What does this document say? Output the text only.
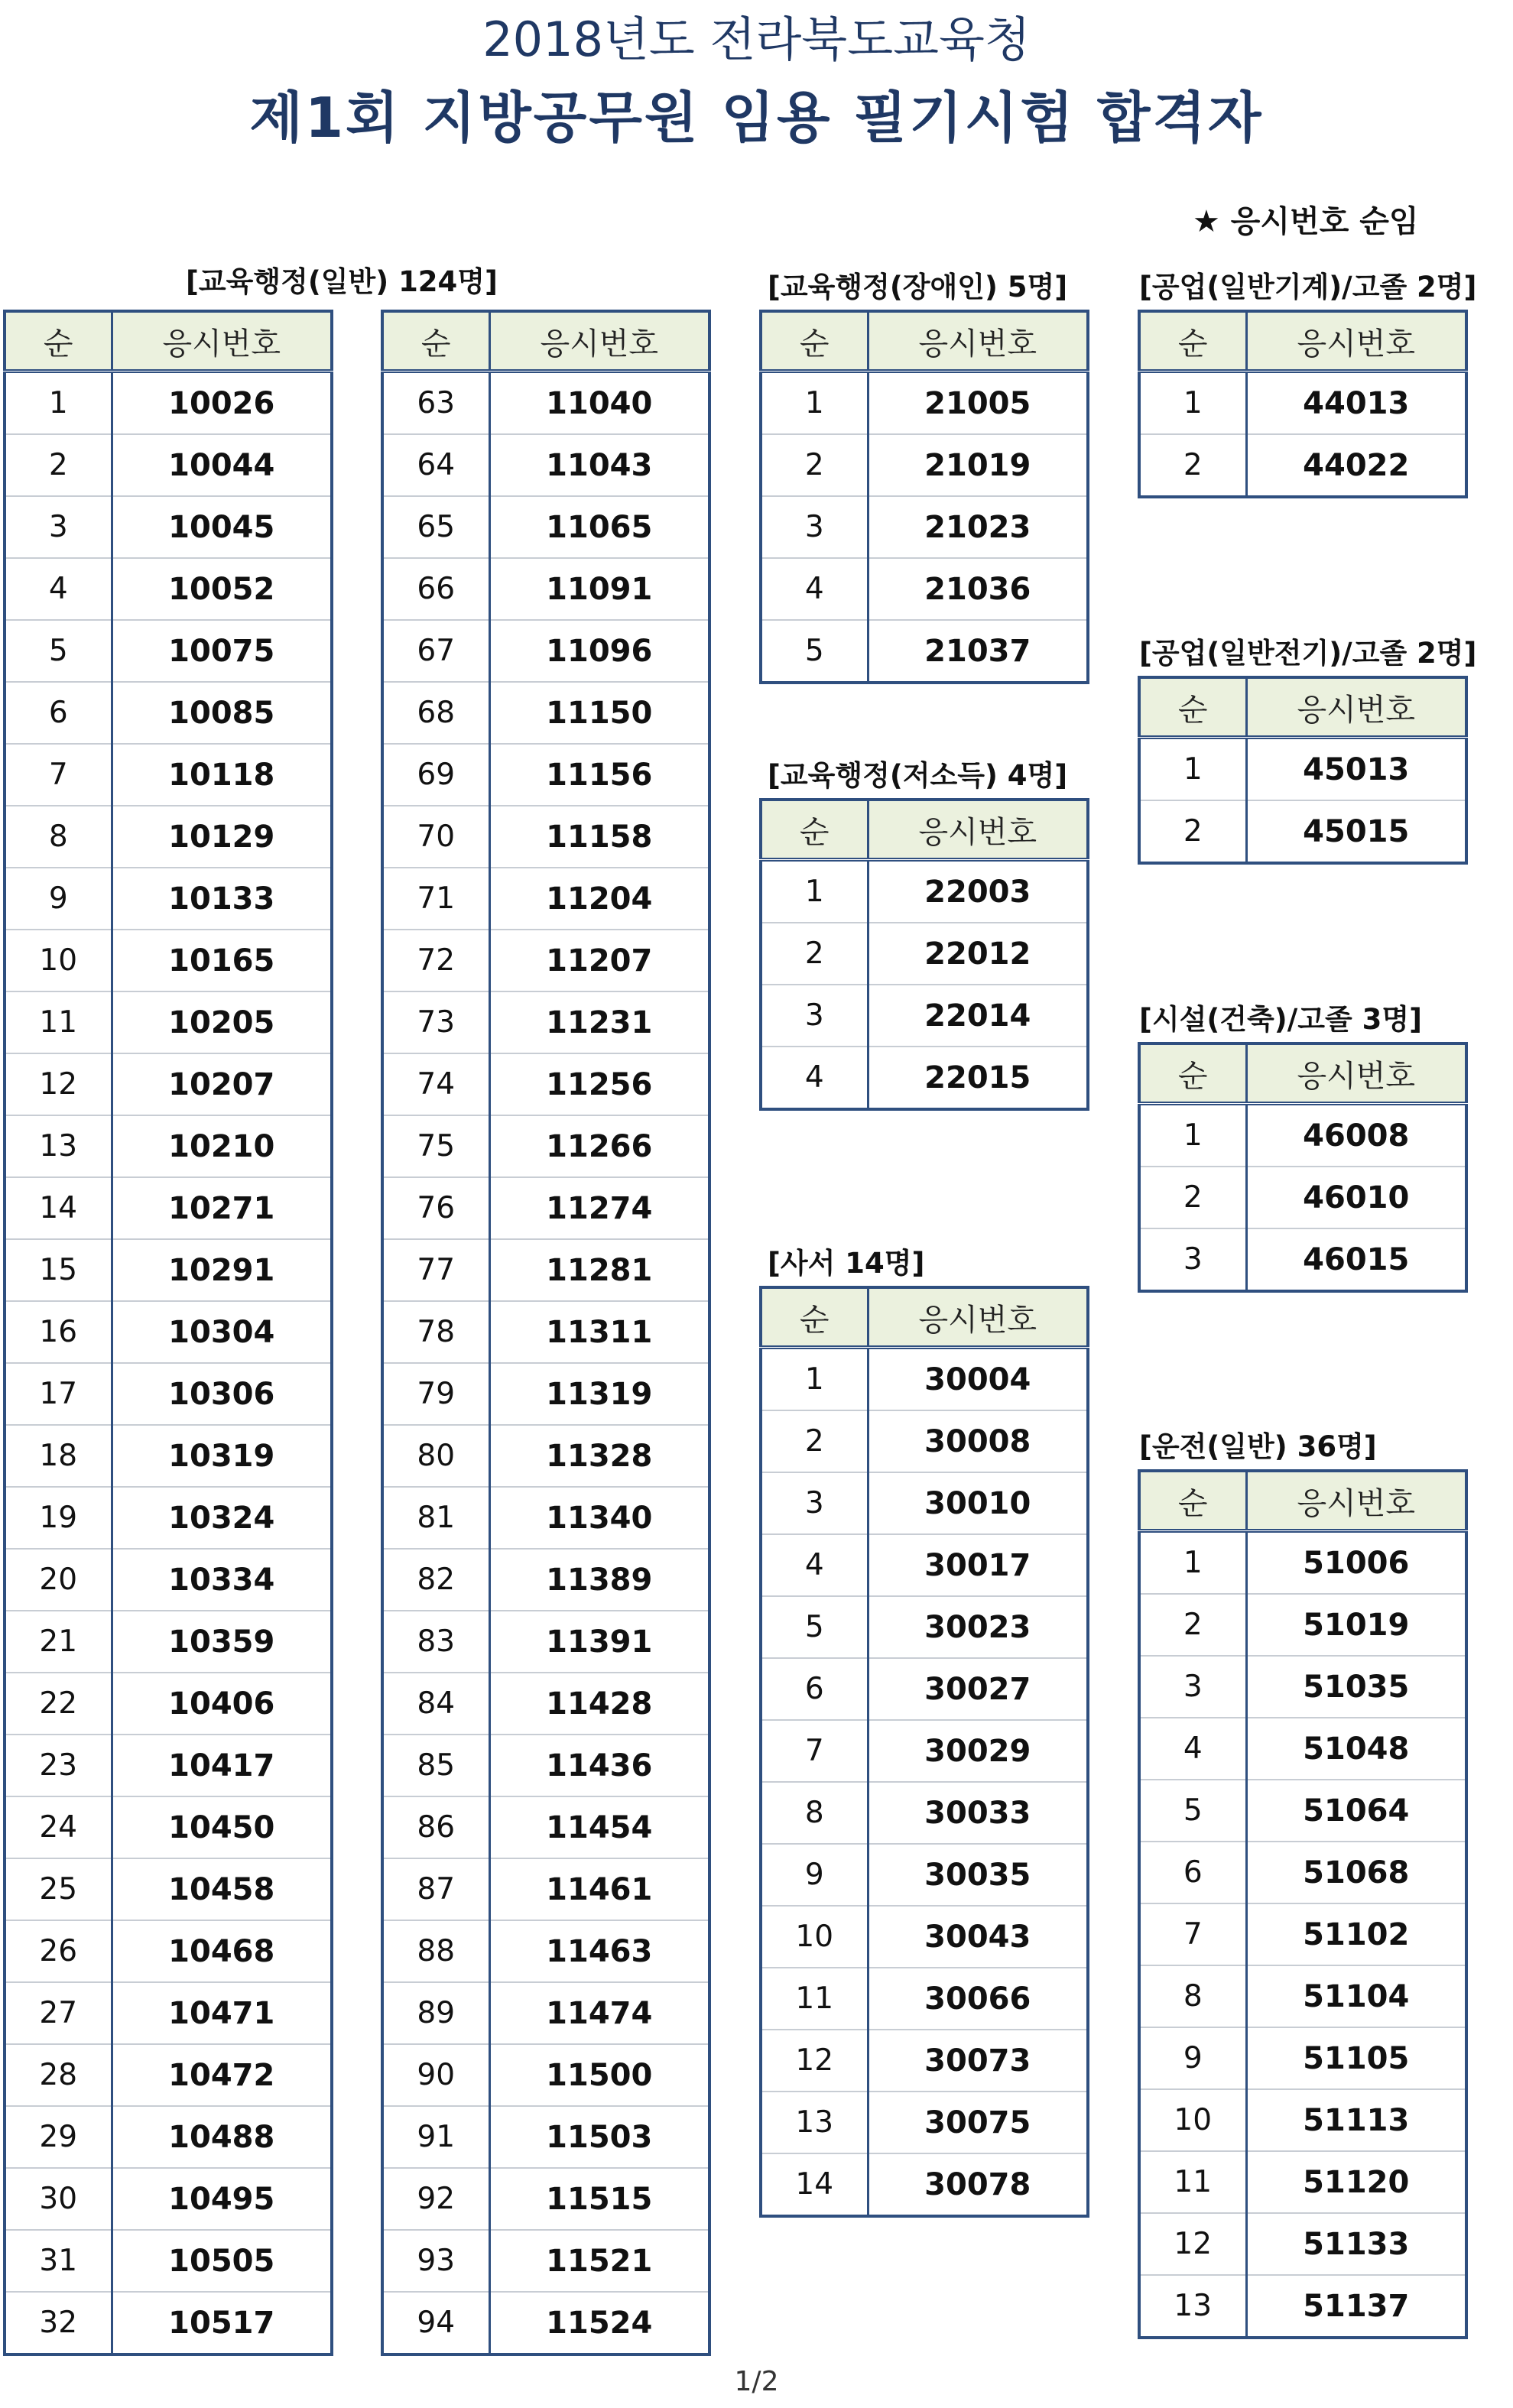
2018년도 전라북도교육청
제1회 지방공무원 임용 필기시험 합격자
★ 응시번호 순임
[교육행정(일반) 124명]
순	응시번호
1	10026
2	10044
3	10045
4	10052
5	10075
6	10085
7	10118
8	10129
9	10133
10	10165
11	10205
12	10207
13	10210
14	10271
15	10291
16	10304
17	10306
18	10319
19	10324
20	10334
21	10359
22	10406
23	10417
24	10450
25	10458
26	10468
27	10471
28	10472
29	10488
30	10495
31	10505
32	10517
순	응시번호
63	11040
64	11043
65	11065
66	11091
67	11096
68	11150
69	11156
70	11158
71	11204
72	11207
73	11231
74	11256
75	11266
76	11274
77	11281
78	11311
79	11319
80	11328
81	11340
82	11389
83	11391
84	11428
85	11436
86	11454
87	11461
88	11463
89	11474
90	11500
91	11503
92	11515
93	11521
94	11524
[교육행정(장애인) 5명]
순	응시번호
1	21005
2	21019
3	21023
4	21036
5	21037
[교육행정(저소득) 4명]
순	응시번호
1	22003
2	22012
3	22014
4	22015
[사서 14명]
순	응시번호
1	30004
2	30008
3	30010
4	30017
5	30023
6	30027
7	30029
8	30033
9	30035
10	30043
11	30066
12	30073
13	30075
14	30078
[공업(일반기계)/고졸 2명]
순	응시번호
1	44013
2	44022
[공업(일반전기)/고졸 2명]
순	응시번호
1	45013
2	45015
[시설(건축)/고졸 3명]
순	응시번호
1	46008
2	46010
3	46015
[운전(일반) 36명]
순	응시번호
1	51006
2	51019
3	51035
4	51048
5	51064
6	51068
7	51102
8	51104
9	51105
10	51113
11	51120
12	51133
13	51137
1/2
